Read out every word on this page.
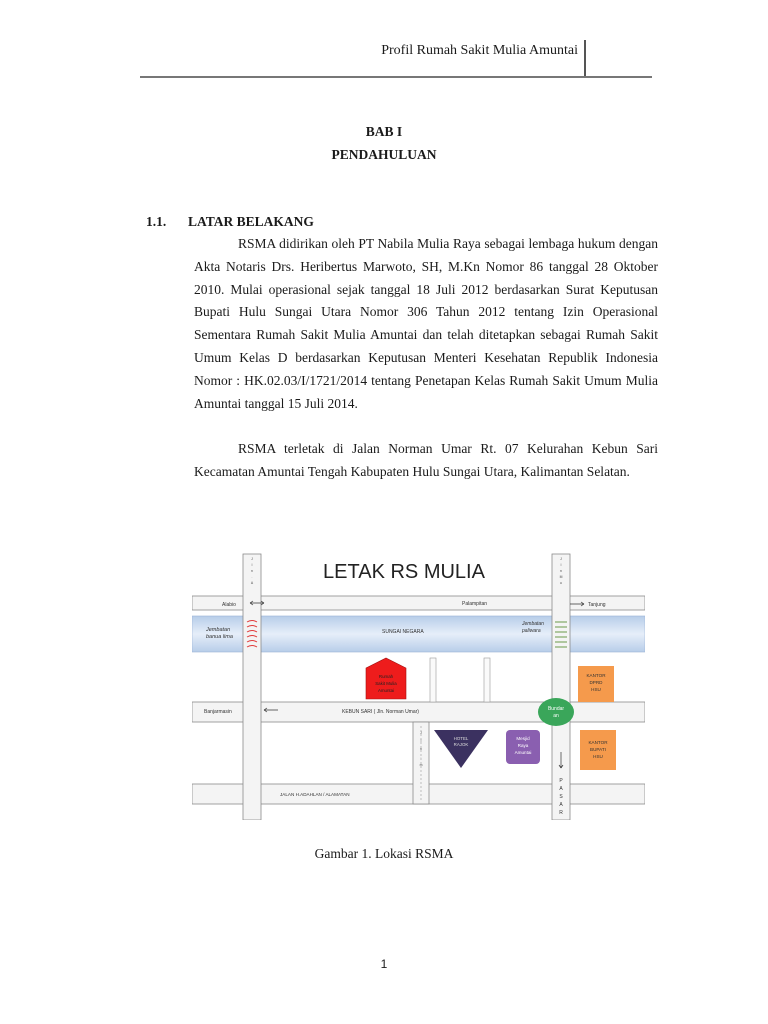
Profil Rumah Sakit Mulia Amuntai
BAB I
PENDAHULUAN
1.1. LATAR BELAKANG

RSMA didirikan oleh PT Nabila Mulia Raya sebagai lembaga hukum dengan Akta Notaris Drs. Heribertus Marwoto, SH, M.Kn Nomor 86 tanggal 28 Oktober 2010. Mulai operasional sejak tanggal 18 Juli 2012 berdasarkan Surat Keputusan Bupati Hulu Sungai Utara Nomor 306 Tahun 2012 tentang Izin Operasional Sementara Rumah Sakit Mulia Amuntai dan telah ditetapkan sebagai Rumah Sakit Umum Kelas D berdasarkan Keputusan Menteri Kesehatan Republik Indonesia Nomor : HK.02.03/I/1721/2014 tentang Penetapan Kelas Rumah Sakit Umum Mulia Amuntai tanggal 15 Juli 2014.

RSMA terletak di Jalan Norman Umar Rt. 07 Kelurahan Kebun Sari Kecamatan Amuntai Tengah Kabupaten Hulu Sungai Utara, Kalimantan Selatan.

LETAK RS MULIA
Alabio	Palampitan	Tanjung
Jembatan banua lima
SUNGAI NEGARA
Jembatan paliwara
Banjarmasin	KEBUN SARI ( Jln. Norman Umar)
JALAN H.ADAHLAN / ALAMATAN
Rumah Sakit Mulia Amuntai
HOTEL
RAJOK
Mesjid Raya Amuntai
Bundar an
KANTOR DPRD HSU
KANTOR BUPATI HSU
P A S A R
J
l
n
.
A
J
l
n
M
u
J
l
n
.
m
Gambar 1. Lokasi RSMA
1
